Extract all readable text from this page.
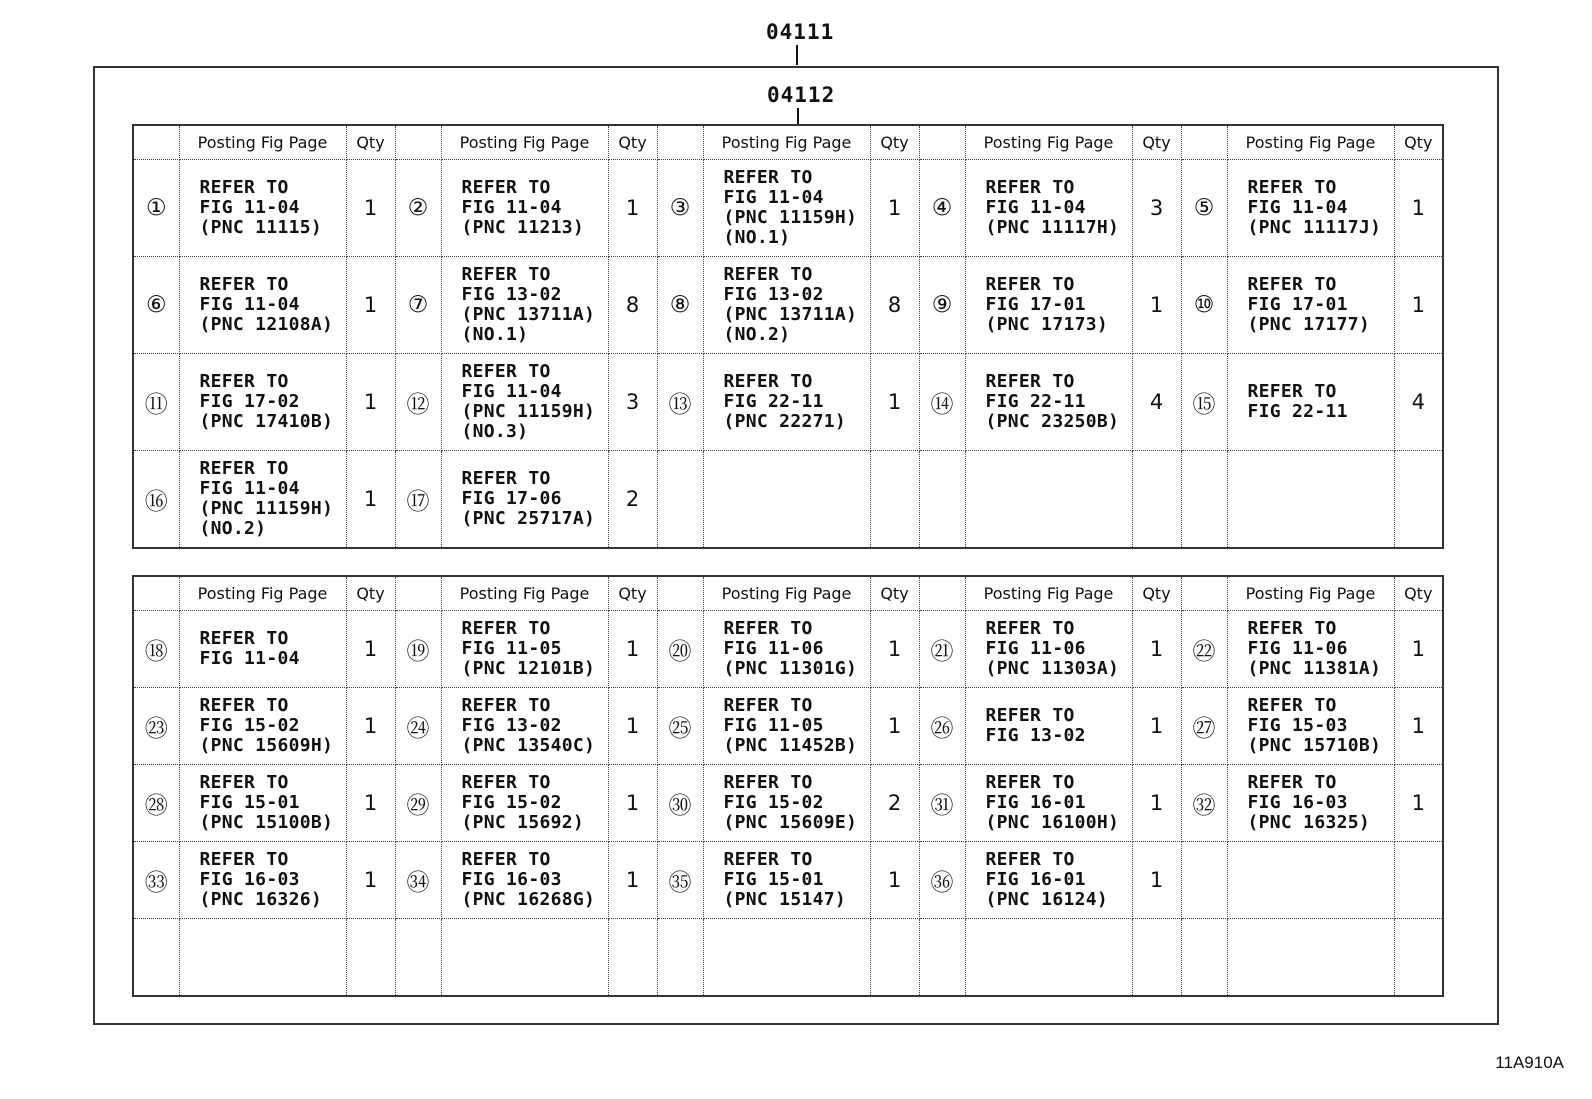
04111
04112
	Posting Fig Page	Qty		Posting Fig Page	Qty		Posting Fig Page	Qty		Posting Fig Page	Qty		Posting Fig Page	Qty
①	REFER TO
FIG 11-04
(PNC 11115)	1	②	REFER TO
FIG 11-04
(PNC 11213)	1	③	REFER TO
FIG 11-04
(PNC 11159H)
(NO.1)	1	④	REFER TO
FIG 11-04
(PNC 11117H)	3	⑤	REFER TO
FIG 11-04
(PNC 11117J)	1
⑥	REFER TO
FIG 11-04
(PNC 12108A)	1	⑦	REFER TO
FIG 13-02
(PNC 13711A)
(NO.1)	8	⑧	REFER TO
FIG 13-02
(PNC 13711A)
(NO.2)	8	⑨	REFER TO
FIG 17-01
(PNC 17173)	1	⑩	REFER TO
FIG 17-01
(PNC 17177)	1
⑪	REFER TO
FIG 17-02
(PNC 17410B)	1	⑫	REFER TO
FIG 11-04
(PNC 11159H)
(NO.3)	3	⑬	REFER TO
FIG 22-11
(PNC 22271)	1	⑭	REFER TO
FIG 22-11
(PNC 23250B)	4	⑮	REFER TO
FIG 22-11	4
⑯	REFER TO
FIG 11-04
(PNC 11159H)
(NO.2)	1	⑰	REFER TO
FIG 17-06
(PNC 25717A)	2									
	Posting Fig Page	Qty		Posting Fig Page	Qty		Posting Fig Page	Qty		Posting Fig Page	Qty		Posting Fig Page	Qty
⑱	REFER TO
FIG 11-04	1	⑲	REFER TO
FIG 11-05
(PNC 12101B)	1	⑳	REFER TO
FIG 11-06
(PNC 11301G)	1	㉑	REFER TO
FIG 11-06
(PNC 11303A)	1	㉒	REFER TO
FIG 11-06
(PNC 11381A)	1
㉓	REFER TO
FIG 15-02
(PNC 15609H)	1	㉔	REFER TO
FIG 13-02
(PNC 13540C)	1	㉕	REFER TO
FIG 11-05
(PNC 11452B)	1	㉖	REFER TO
FIG 13-02	1	㉗	REFER TO
FIG 15-03
(PNC 15710B)	1
㉘	REFER TO
FIG 15-01
(PNC 15100B)	1	㉙	REFER TO
FIG 15-02
(PNC 15692)	1	㉚	REFER TO
FIG 15-02
(PNC 15609E)	2	㉛	REFER TO
FIG 16-01
(PNC 16100H)	1	㉜	REFER TO
FIG 16-03
(PNC 16325)	1
㉝	REFER TO
FIG 16-03
(PNC 16326)	1	㉞	REFER TO
FIG 16-03
(PNC 16268G)	1	㉟	REFER TO
FIG 15-01
(PNC 15147)	1	㊱	REFER TO
FIG 16-01
(PNC 16124)	1			

11A910A
